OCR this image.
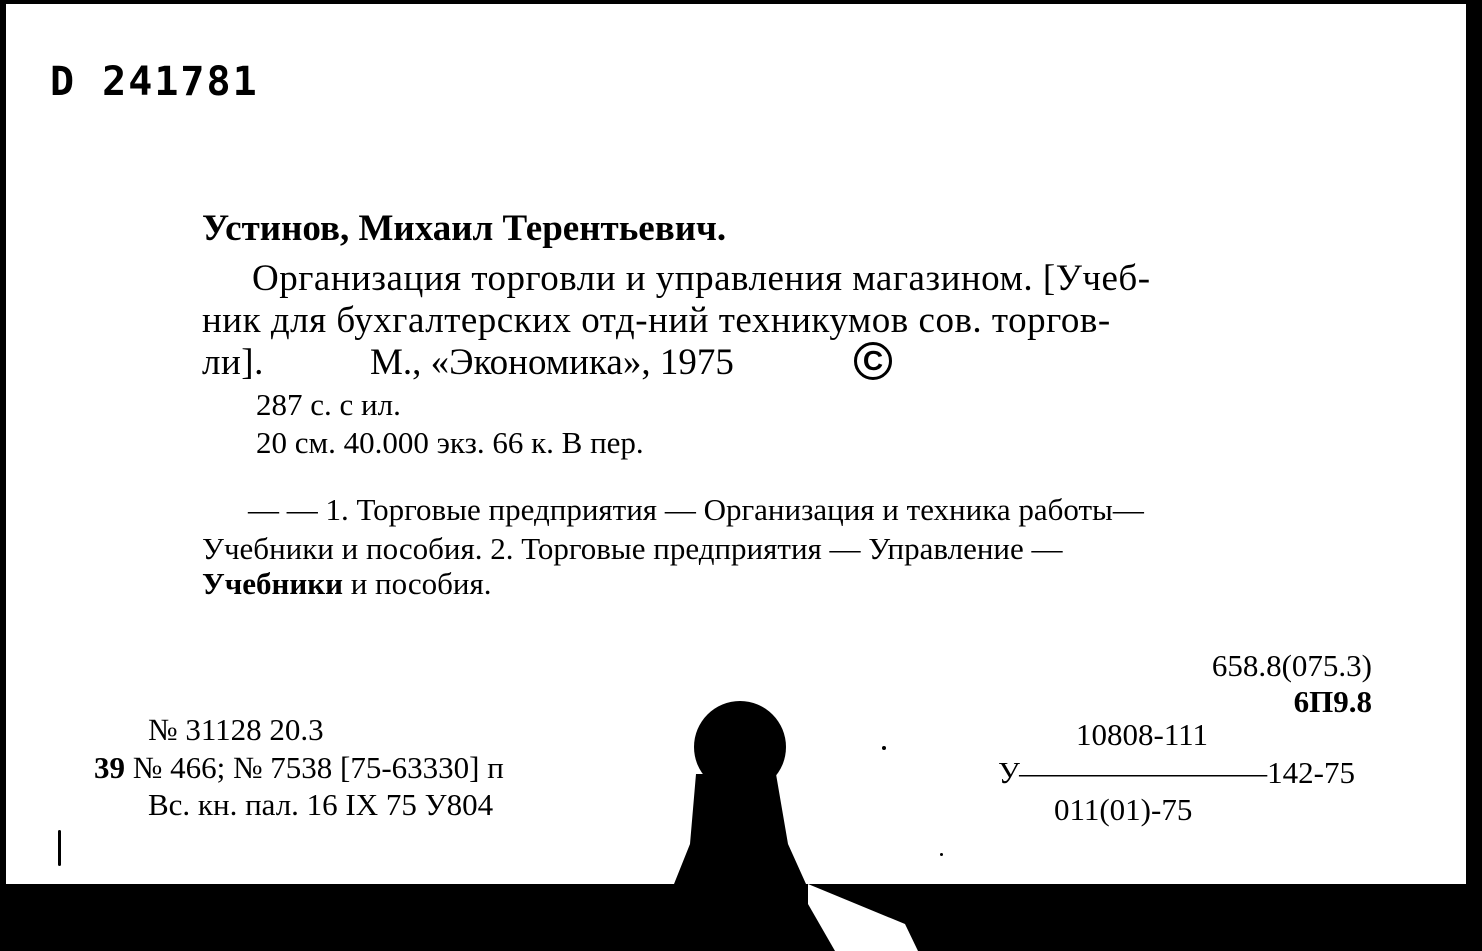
D 241781
Устинов, Михаил Терентьевич.
Организация торговли и управления магазином. [Учеб-
ник для бухгалтерских отд-ний техникумов сов. торгов-
ли].	М., «Экономика», 1975	C
287 с. с ил.
20 см. 40.000 экз. 66 к. В пер.
— — 1. Торговые предприятия — Организация и техника работы—
Учебники и пособия. 2. Торговые предприятия — Управление —
Учебники и пособия.
658.8(075.3)
6П9.8
10808-111
У————————142-75
011(01)-75
№ 31128 20.3
39 № 466; № 7538 [75-63330] п
Вс. кн. пал. 16 IX 75 У804
